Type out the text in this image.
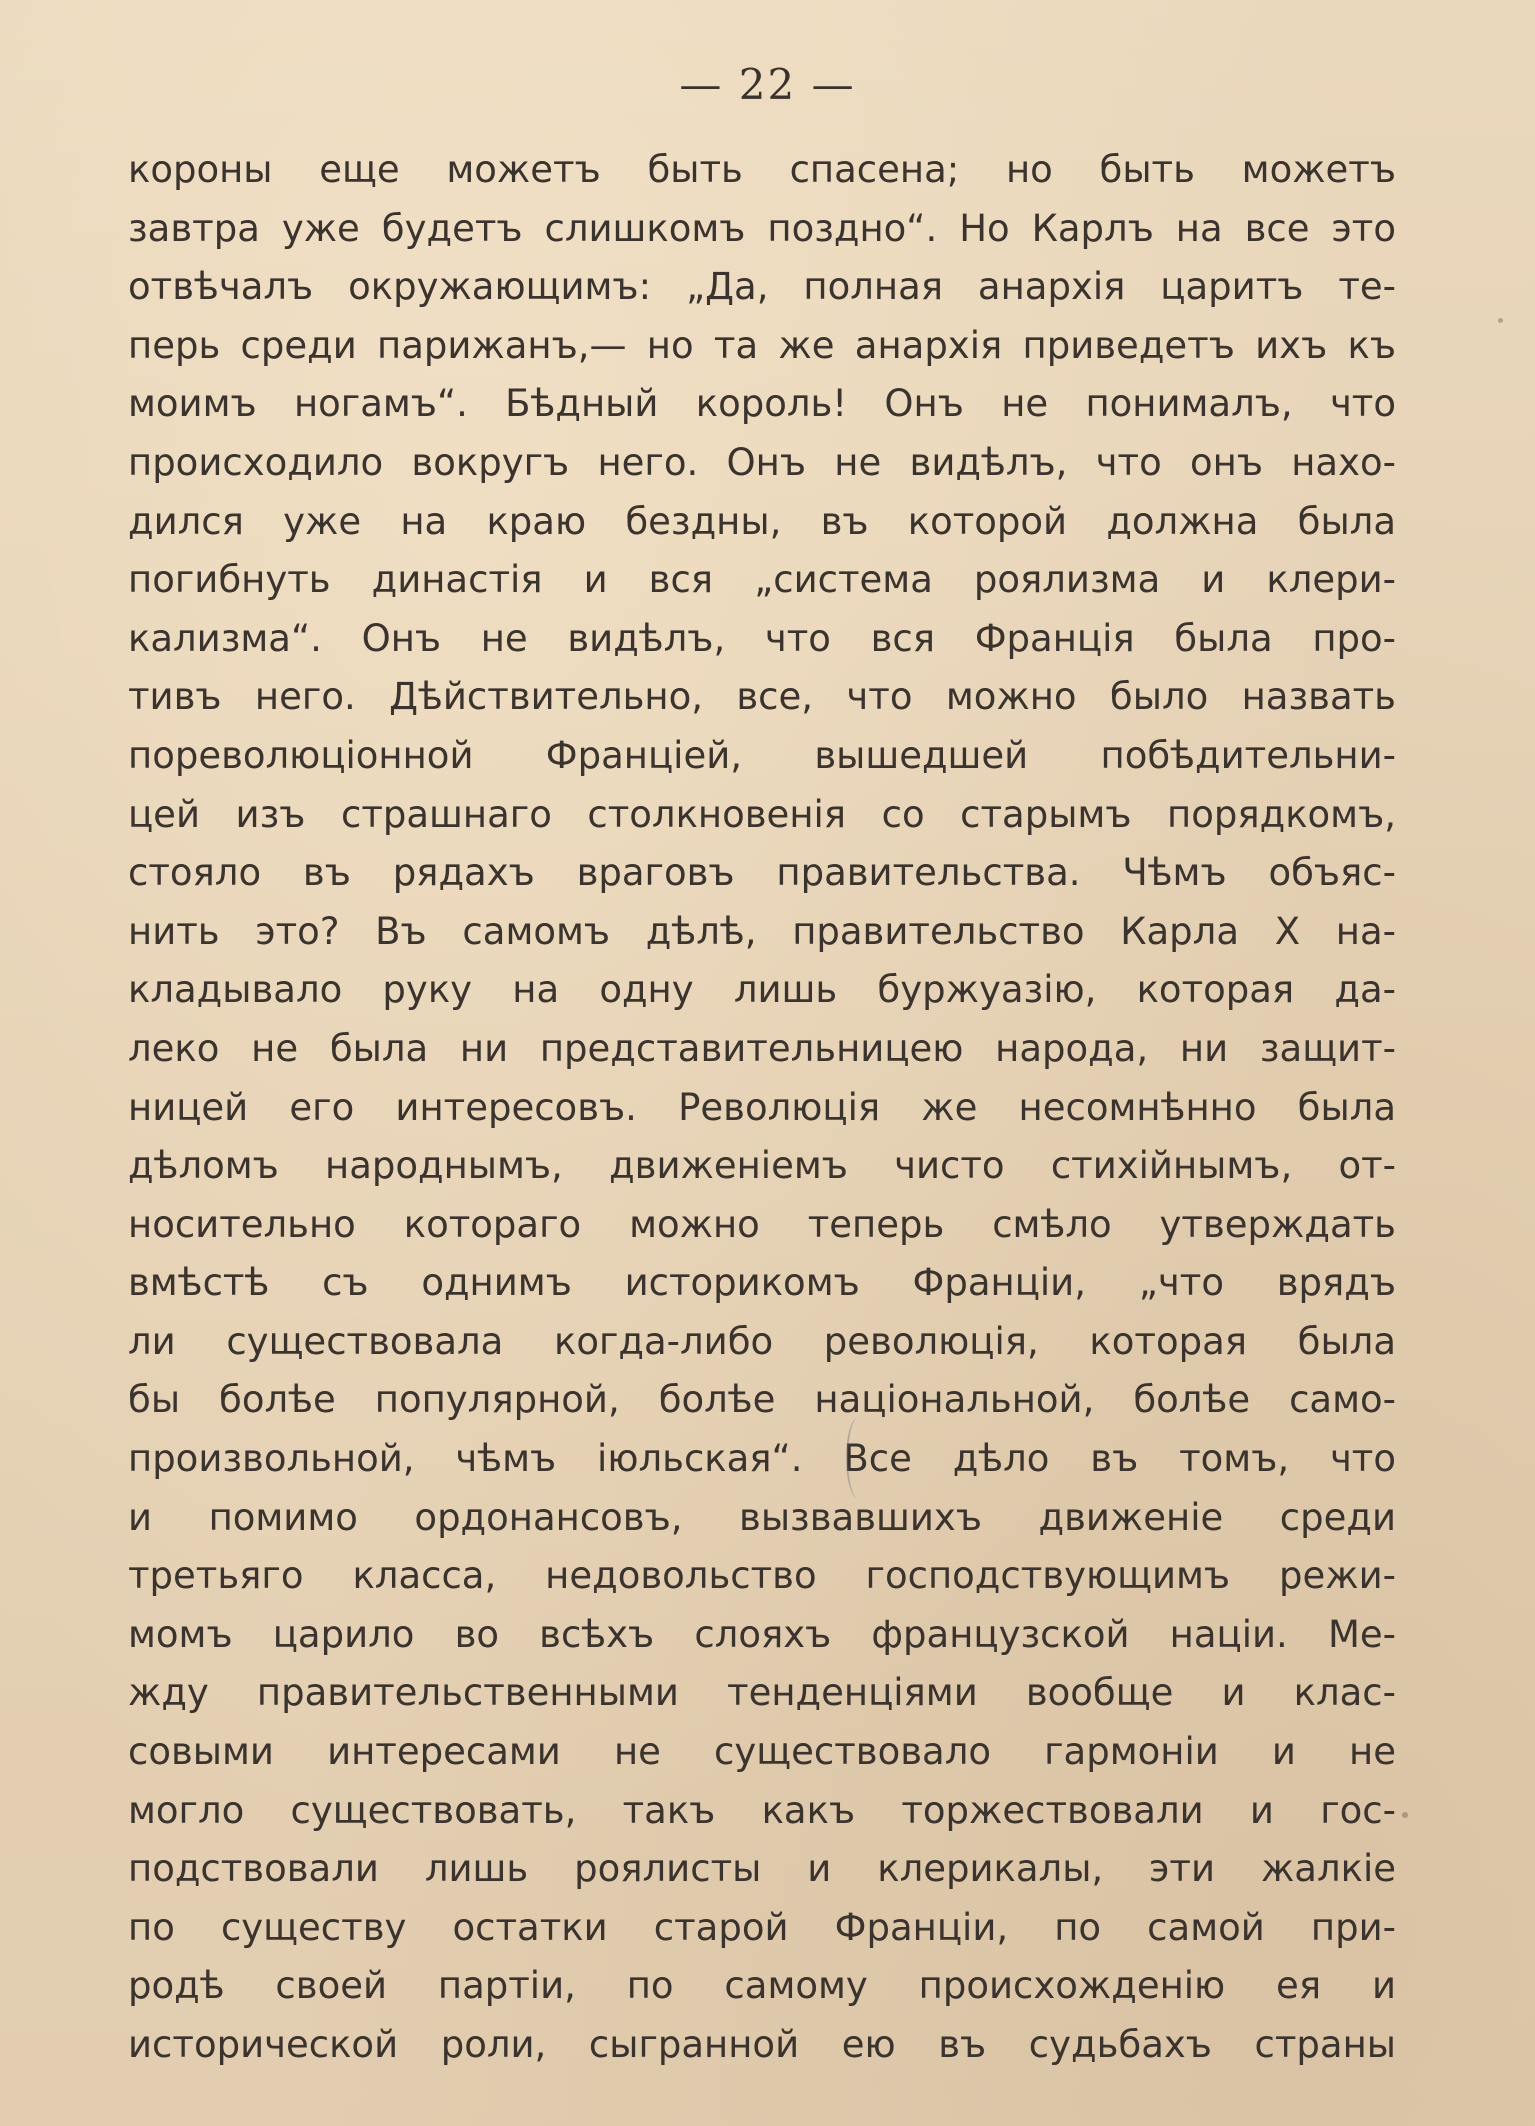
— 22 —
короны еще можетъ быть спасена; но быть можетъ
завтра уже будетъ слишкомъ поздно“. Но Карлъ на все это
отвѣчалъ окружающимъ: „Да, полная анархія царитъ те-
перь среди парижанъ,— но та же анархія приведетъ ихъ къ
моимъ ногамъ“. Бѣдный король! Онъ не понималъ, что
происходило вокругъ него. Онъ не видѣлъ, что онъ нахо-
дился уже на краю бездны, въ которой должна была
погибнуть династія и вся „система роялизма и клери-
кализма“. Онъ не видѣлъ, что вся Франція была про-
тивъ него. Дѣйствительно, все, что можно было назвать
пореволюціонной Франціей, вышедшей побѣдительни-
цей изъ страшнаго столкновенія со старымъ порядкомъ,
стояло въ рядахъ враговъ правительства. Чѣмъ объяс-
нить это? Въ самомъ дѣлѣ, правительство Карла X на-
кладывало руку на одну лишь буржуазію, которая да-
леко не была ни представительницею народа, ни защит-
ницей его интересовъ. Революція же несомнѣнно была
дѣломъ народнымъ, движеніемъ чисто стихійнымъ, от-
носительно котораго можно теперь смѣло утверждать
вмѣстѣ съ однимъ историкомъ Франціи, „что врядъ
ли существовала когда-либо революція, которая была
бы болѣе популярной, болѣе національной, болѣе само-
произвольной, чѣмъ іюльская“. Все дѣло въ томъ, что
и помимо ордонансовъ, вызвавшихъ движеніе среди
третьяго класса, недовольство господствующимъ режи-
момъ царило во всѣхъ слояхъ французской націи. Ме-
жду правительственными тенденціями вообще и клас-
совыми интересами не существовало гармоніи и не
могло существовать, такъ какъ торжествовали и гос-
подствовали лишь роялисты и клерикалы, эти жалкіе
по существу остатки старой Франціи, по самой при-
родѣ своей партіи, по самому происхожденію ея и
исторической роли, сыгранной ею въ судьбахъ страны
